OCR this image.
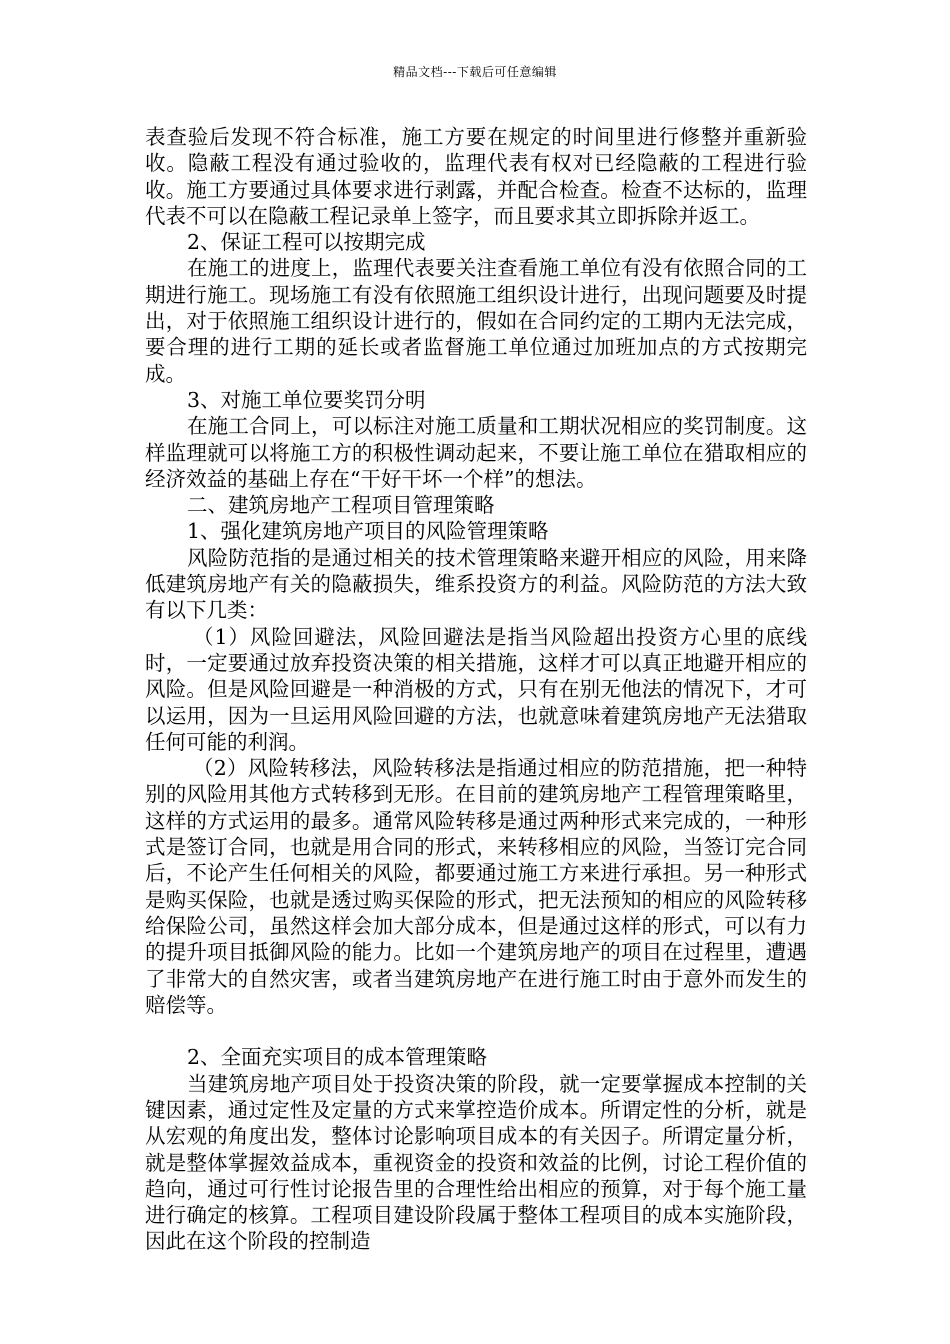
精品文档---下载后可任意编辑

表查验后发现不符合标准，施工方要在规定的时间里进行修整并重新验收。隐蔽工程没有通过验收的，监理代表有权对已经隐蔽的工程进行验收。施工方要通过具体要求进行剥露，并配合检查。检查不达标的，监理代表不可以在隐蔽工程记录单上签字，而且要求其立即拆除并返工。

2、保证工程可以按期完成

在施工的进度上，监理代表要关注查看施工单位有没有依照合同的工期进行施工。现场施工有没有依照施工组织设计进行，出现问题要及时提出，对于依照施工组织设计进行的，假如在合同约定的工期内无法完成，要合理的进行工期的延长或者监督施工单位通过加班加点的方式按期完成。

3、对施工单位要奖罚分明

在施工合同上，可以标注对施工质量和工期状况相应的奖罚制度。这样监理就可以将施工方的积极性调动起来，不要让施工单位在猎取相应的经济效益的基础上存在“干好干坏一个样”的想法。

二、建筑房地产工程项目管理策略

1、强化建筑房地产项目的风险管理策略

风险防范指的是通过相关的技术管理策略来避开相应的风险，用来降低建筑房地产有关的隐蔽损失，维系投资方的利益。风险防范的方法大致有以下几类：

（1）风险回避法，风险回避法是指当风险超出投资方心里的底线时，一定要通过放弃投资决策的相关措施，这样才可以真正地避开相应的风险。但是风险回避是一种消极的方式，只有在别无他法的情况下，才可以运用，因为一旦运用风险回避的方法，也就意味着建筑房地产无法猎取任何可能的利润。

（2）风险转移法，风险转移法是指通过相应的防范措施，把一种特别的风险用其他方式转移到无形。在目前的建筑房地产工程管理策略里，这样的方式运用的最多。通常风险转移是通过两种形式来完成的，一种形式是签订合同，也就是用合同的形式，来转移相应的风险，当签订完合同后，不论产生任何相关的风险，都要通过施工方来进行承担。另一种形式是购买保险，也就是透过购买保险的形式，把无法预知的相应的风险转移给保险公司，虽然这样会加大部分成本，但是通过这样的形式，可以有力的提升项目抵御风险的能力。比如一个建筑房地产的项目在过程里，遭遇了非常大的自然灾害，或者当建筑房地产在进行施工时由于意外而发生的赔偿等。

2、全面充实项目的成本管理策略

当建筑房地产项目处于投资决策的阶段，就一定要掌握成本控制的关键因素，通过定性及定量的方式来掌控造价成本。所谓定性的分析，就是从宏观的角度出发，整体讨论影响项目成本的有关因子。所谓定量分析，就是整体掌握效益成本，重视资金的投资和效益的比例，讨论工程价值的趋向，通过可行性讨论报告里的合理性给出相应的预算，对于每个施工量进行确定的核算。工程项目建设阶段属于整体工程项目的成本实施阶段，因此在这个阶段的控制造
